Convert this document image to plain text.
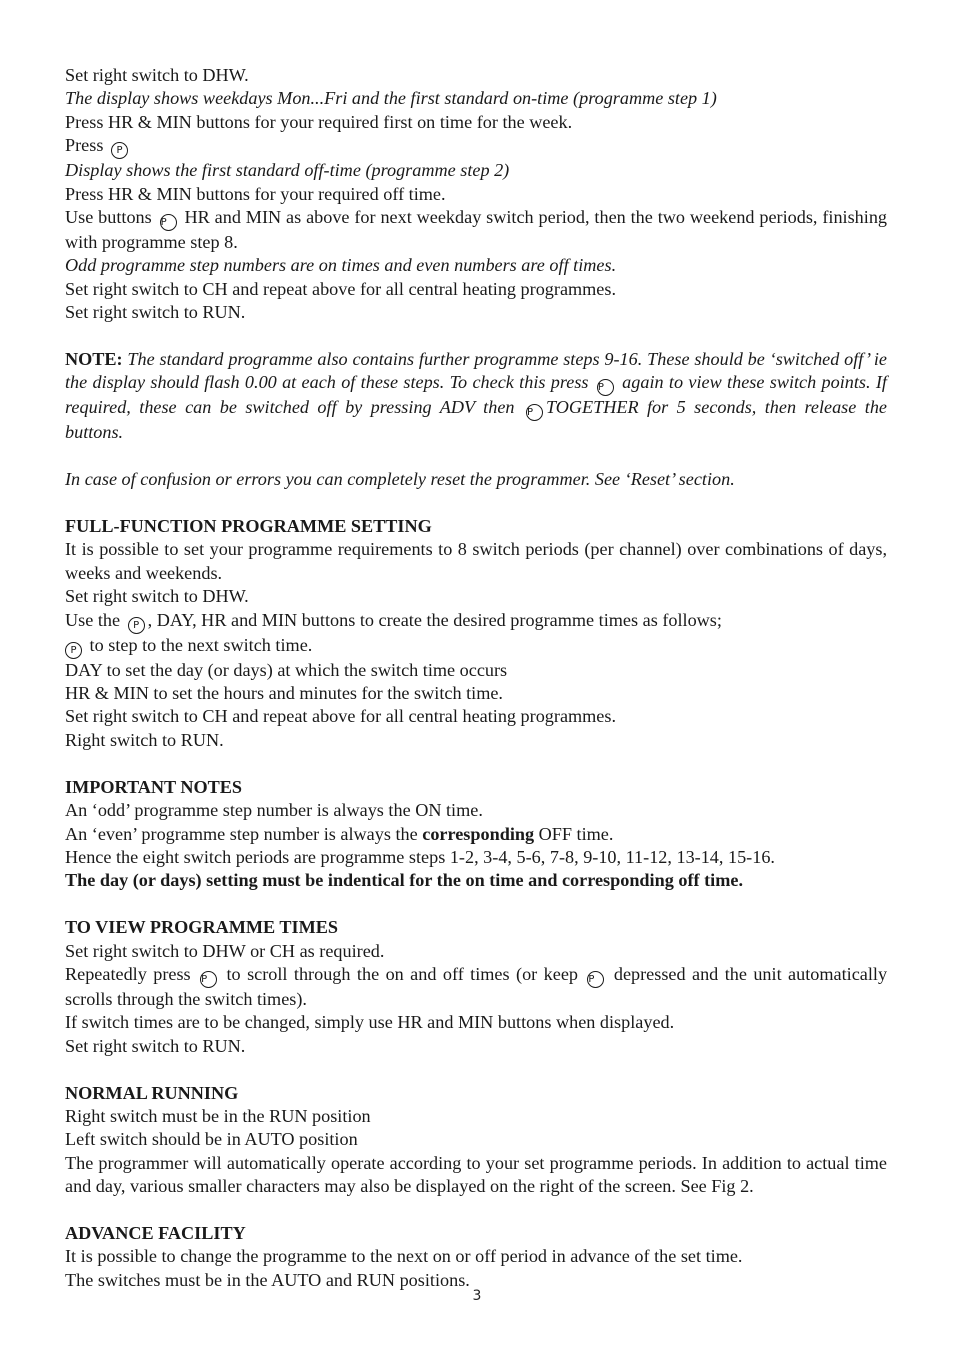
Set right switch to DHW.

The display shows weekdays Mon...Fri and the first standard on-time (programme step 1)

Press HR & MIN buttons for your required first on time for the week.

Press P

Display shows the first standard off-time (programme step 2)

Press HR & MIN buttons for your required off time.

Use buttons P HR and MIN as above for next weekday switch period, then the two weekend periods, finishing with programme step 8.

Odd programme step numbers are on times and even numbers are off times.

Set right switch to CH and repeat above for all central heating programmes.

Set right switch to RUN.

NOTE: The standard programme also contains further programme steps 9-16. These should be ‘switched off’ ie the display should flash 0.00 at each of these steps. To check this press P again to view these switch points. If required, these can be switched off by pressing ADV then P TOGETHER for 5 seconds, then release the buttons.

In case of confusion or errors you can completely reset the programmer. See ‘Reset’ section.

FULL-FUNCTION PROGRAMME SETTING

It is possible to set your programme requirements to 8 switch periods (per channel) over combinations of days, weeks and weekends.

Set right switch to DHW.

Use the P , DAY, HR and MIN buttons to create the desired programme times as follows;

P to step to the next switch time.

DAY to set the day (or days) at which the switch time occurs

HR & MIN to set the hours and minutes for the switch time.

Set right switch to CH and repeat above for all central heating programmes.

Right switch to RUN.

IMPORTANT NOTES

An ‘odd’ programme step number is always the ON time.

An ‘even’ programme step number is always the corresponding OFF time.

Hence the eight switch periods are programme steps 1-2, 3-4, 5-6, 7-8, 9-10, 11-12, 13-14, 15-16.

The day (or days) setting must be indentical for the on time and corresponding off time.

TO VIEW PROGRAMME TIMES

Set right switch to DHW or CH as required.

Repeatedly press P to scroll through the on and off times (or keep P depressed and the unit automatically scrolls through the switch times).

If switch times are to be changed, simply use HR and MIN buttons when displayed.

Set right switch to RUN.

NORMAL RUNNING

Right switch must be in the RUN position

Left switch should be in AUTO position

The programmer will automatically operate according to your set programme periods. In addition to actual time and day, various smaller characters may also be displayed on the right of the screen. See Fig 2.

ADVANCE FACILITY

It is possible to change the programme to the next on or off period in advance of the set time.

The switches must be in the AUTO and RUN positions.

3
